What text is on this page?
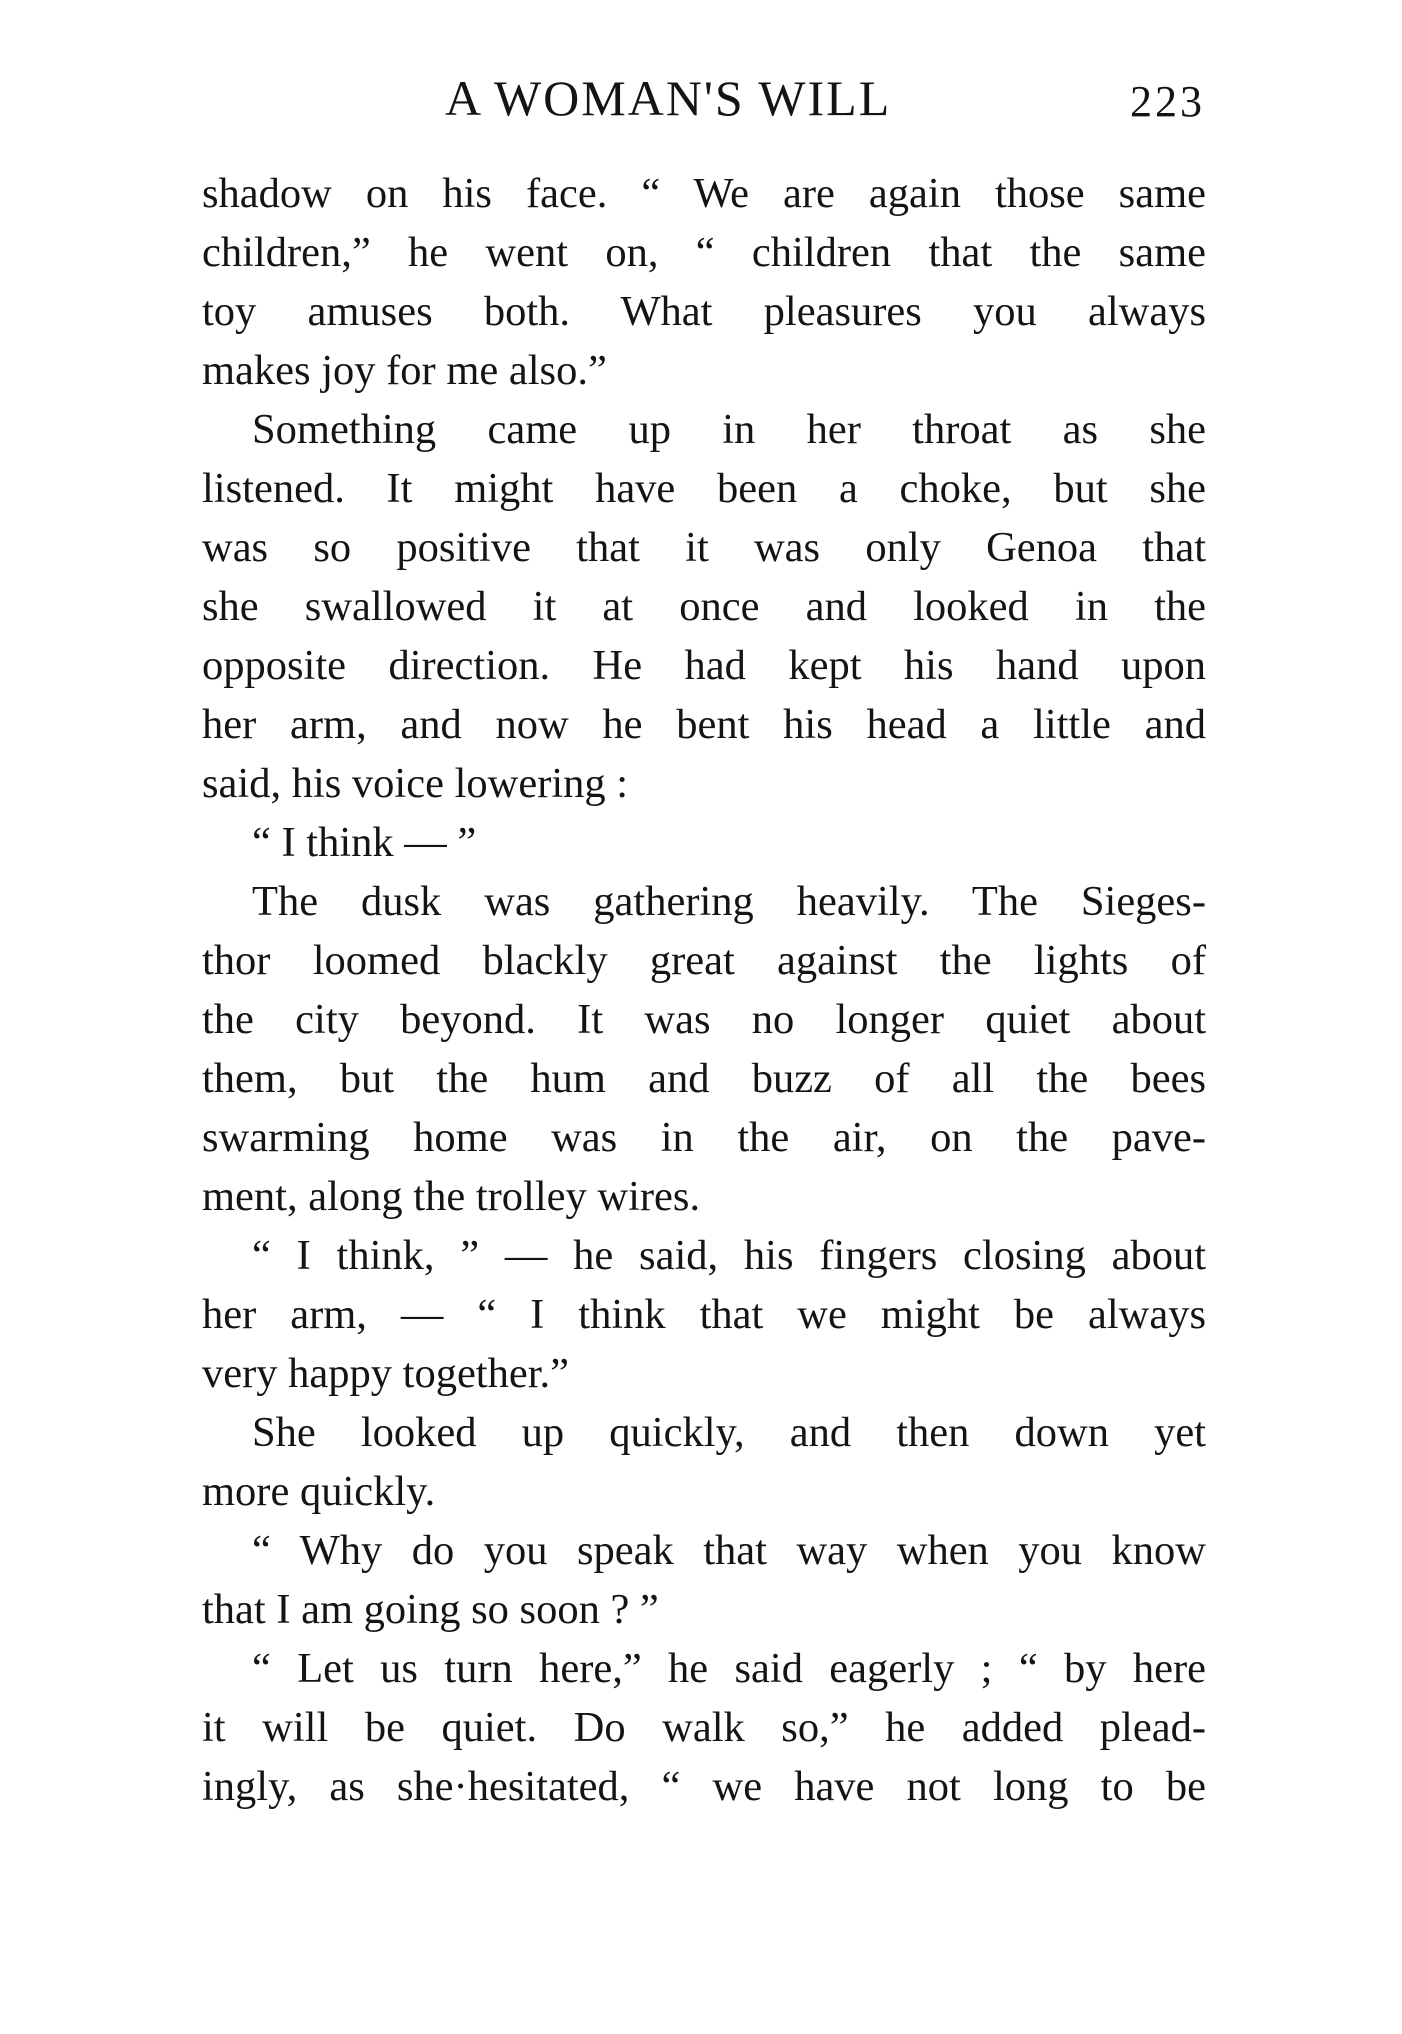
A WOMAN'S WILL	223
shadow on his face. “ We are again those same
children,” he went on, “ children that the same
toy amuses both. What pleasures you always
makes joy for me also.”
Something came up in her throat as she
listened. It might have been a choke, but she
was so positive that it was only Genoa that
she swallowed it at once and looked in the
opposite direction. He had kept his hand upon
her arm, and now he bent his head a little and
said, his voice lowering :
“ I think — ”
The dusk was gathering heavily. The Sieges-
thor loomed blackly great against the lights of
the city beyond. It was no longer quiet about
them, but the hum and buzz of all the bees
swarming home was in the air, on the pave-
ment, along the trolley wires.
“ I think, ” — he said, his fingers closing about
her arm, — “ I think that we might be always
very happy together.”
She looked up quickly, and then down yet
more quickly.
“ Why do you speak that way when you know
that I am going so soon ? ”
“ Let us turn here,” he said eagerly ; “ by here
it will be quiet. Do walk so,” he added plead-
ingly, as she·hesitated, “ we have not long to be
